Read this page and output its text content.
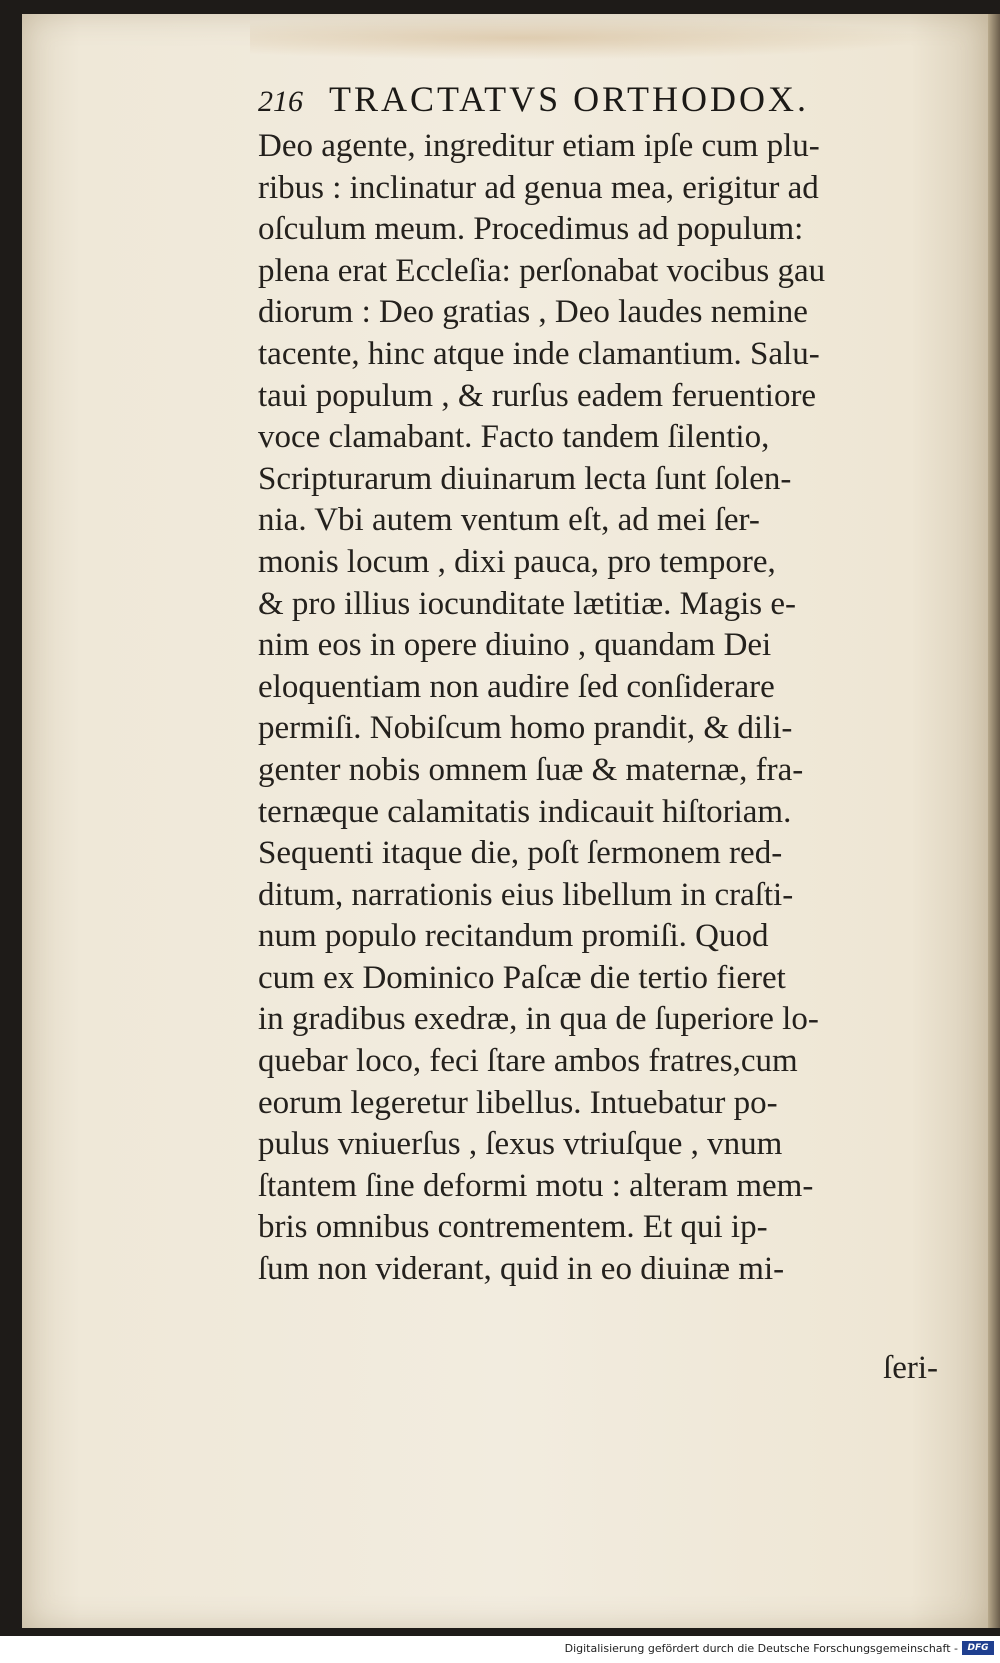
216 TRACTATVS ORTHODOX.
Deo agente, ingreditur etiam ipſe cum plu-
ribus : inclinatur ad genua mea, erigitur ad
oſculum meum. Procedimus ad populum:
plena erat Eccleſia: perſonabat vocibus gau
diorum : Deo gratias , Deo laudes nemine
tacente, hinc atque inde clamantium. Salu-
taui populum , & rurſus eadem feruentiore
voce clamabant. Facto tandem ſilentio,
Scripturarum diuinarum lecta ſunt ſolen-
nia. Vbi autem ventum eſt, ad mei ſer-
monis locum , dixi pauca, pro tempore,
& pro illius iocunditate lætitiæ. Magis e-
nim eos in opere diuino , quandam Dei
eloquentiam non audire ſed conſiderare
permiſi. Nobiſcum homo prandit, & dili-
genter nobis omnem ſuæ & maternæ, fra-
ternæque calamitatis indicauit hiſtoriam.
Sequenti itaque die, poſt ſermonem red-
ditum, narrationis eius libellum in craſti-
num populo recitandum promiſi. Quod
cum ex Dominico Paſcæ die tertio fieret
in gradibus exedræ, in qua de ſuperiore lo-
quebar loco, feci ſtare ambos fratres,cum
eorum legeretur libellus. Intuebatur po-
pulus vniuerſus , ſexus vtriuſque , vnum
ſtantem ſine deformi motu : alteram mem-
bris omnibus contrementem. Et qui ip-
ſum non viderant, quid in eo diuinæ mi-
ſeri-
Digitalisierung gefördert durch die Deutsche Forschungsgemeinschaft -	DFG
